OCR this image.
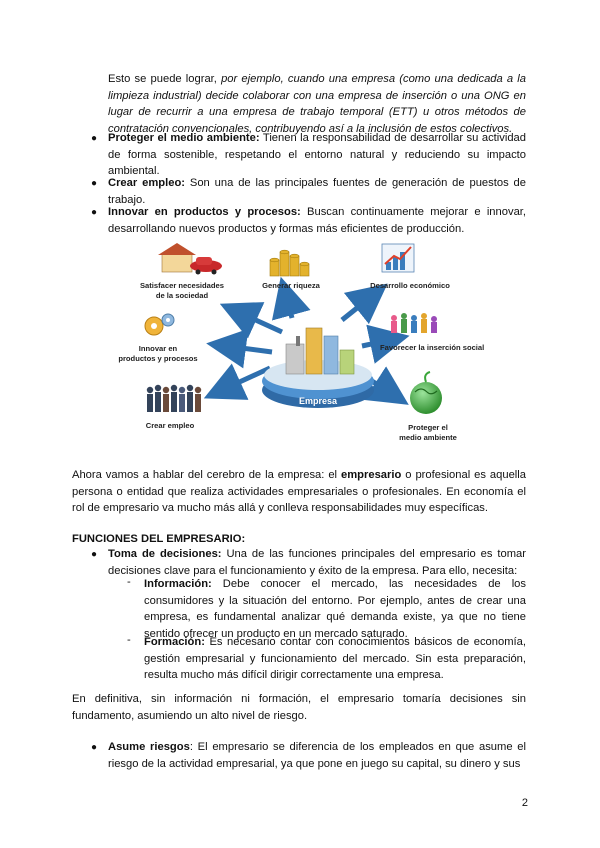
Esto se puede lograr, por ejemplo, cuando una empresa (como una dedicada a la limpieza industrial) decide colaborar con una empresa de inserción o una ONG en lugar de recurrir a una empresa de trabajo temporal (ETT) u otros métodos de contratación convencionales, contribuyendo así a la inclusión de estos colectivos.
● Proteger el medio ambiente: Tienen la responsabilidad de desarrollar su actividad de forma sostenible, respetando el entorno natural y reduciendo su impacto ambiental.
● Crear empleo: Son una de las principales fuentes de generación de puestos de trabajo.
● Innovar en productos y procesos: Buscan continuamente mejorar e innovar, desarrollando nuevos productos y formas más eficientes de producción.
Empresa
Satisfacer necesidades
de la sociedad
Generar riqueza	Desarrollo económico
Innovar en
productos y procesos
Favorecer la inserción social
Crear empleo	Proteger el
medio ambiente
Ahora vamos a hablar del cerebro de la empresa: el empresario o profesional es aquella persona o entidad que realiza actividades empresariales o profesionales. En economía el rol de empresario va mucho más allá y conlleva responsabilidades muy específicas.
FUNCIONES DEL EMPRESARIO:
● Toma de decisiones: Una de las funciones principales del empresario es tomar decisiones clave para el funcionamiento y éxito de la empresa. Para ello, necesita:
- Información: Debe conocer el mercado, las necesidades de los consumidores y la situación del entorno. Por ejemplo, antes de crear una empresa, es fundamental analizar qué demanda existe, ya que no tiene sentido ofrecer un producto en un mercado saturado.
- Formación: Es necesario contar con conocimientos básicos de economía, gestión empresarial y funcionamiento del mercado. Sin esta preparación, resulta mucho más difícil dirigir correctamente una empresa.
En definitiva, sin información ni formación, el empresario tomaría decisiones sin fundamento, asumiendo un alto nivel de riesgo.
● Asume riesgos: El empresario se diferencia de los empleados en que asume el riesgo de la actividad empresarial, ya que pone en juego su capital, su dinero y sus
2
